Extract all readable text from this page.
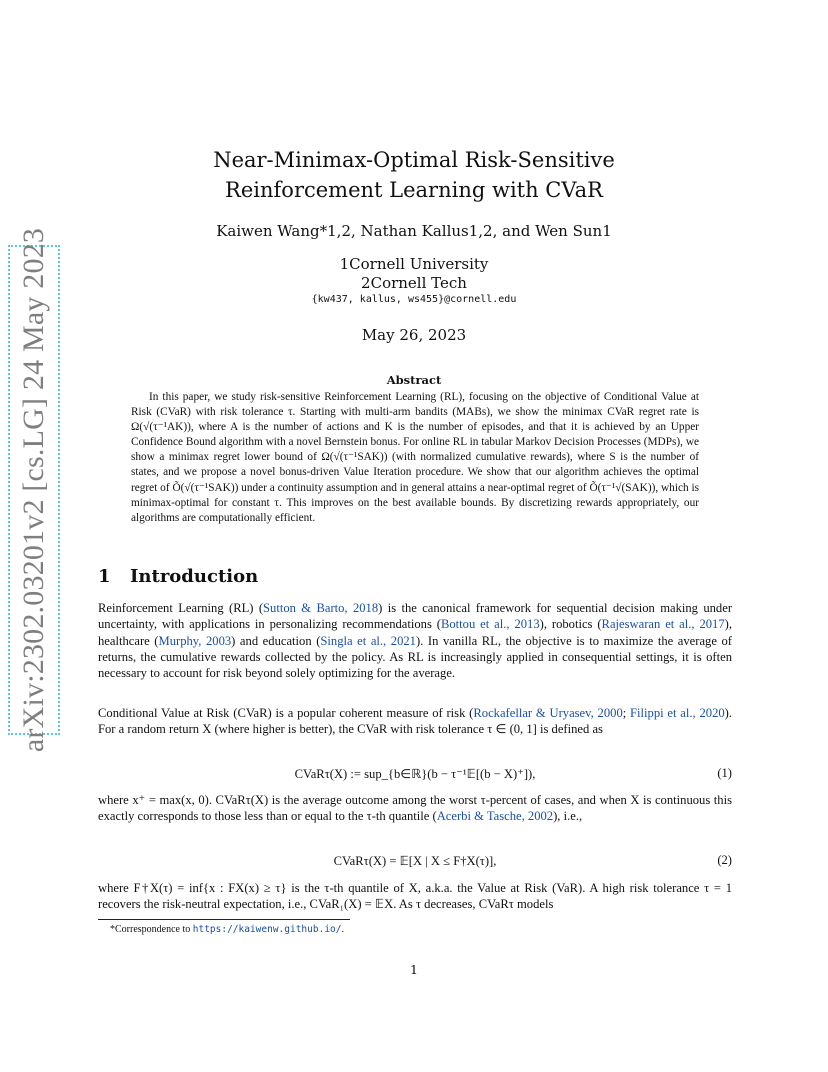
arXiv:2302.03201v2 [cs.LG] 24 May 2023
Near-Minimax-Optimal Risk-Sensitive
Reinforcement Learning with CVaR
Kaiwen Wang*1,2, Nathan Kallus1,2, and Wen Sun1
1Cornell University
2Cornell Tech
{kw437, kallus, ws455}@cornell.edu
May 26, 2023
Abstract

In this paper, we study risk-sensitive Reinforcement Learning (RL), focusing on the objective of Conditional Value at Risk (CVaR) with risk tolerance τ. Starting with multi-arm bandits (MABs), we show the minimax CVaR regret rate is Ω(√(τ⁻¹AK)), where A is the number of actions and K is the number of episodes, and that it is achieved by an Upper Confidence Bound algorithm with a novel Bernstein bonus. For online RL in tabular Markov Decision Processes (MDPs), we show a minimax regret lower bound of Ω(√(τ⁻¹SAK)) (with normalized cumulative rewards), where S is the number of states, and we propose a novel bonus-driven Value Iteration procedure. We show that our algorithm achieves the optimal regret of Õ(√(τ⁻¹SAK)) under a continuity assumption and in general attains a near-optimal regret of Õ(τ⁻¹√(SAK)), which is minimax-optimal for constant τ. This improves on the best available bounds. By discretizing rewards appropriately, our algorithms are computationally efficient.

1 Introduction

Reinforcement Learning (RL) (Sutton & Barto, 2018) is the canonical framework for sequential decision making under uncertainty, with applications in personalizing recommendations (Bottou et al., 2013), robotics (Rajeswaran et al., 2017), healthcare (Murphy, 2003) and education (Singla et al., 2021). In vanilla RL, the objective is to maximize the average of returns, the cumulative rewards collected by the policy. As RL is increasingly applied in consequential settings, it is often necessary to account for risk beyond solely optimizing for the average.

Conditional Value at Risk (CVaR) is a popular coherent measure of risk (Rockafellar & Uryasev, 2000; Filippi et al., 2020). For a random return X (where higher is better), the CVaR with risk tolerance τ ∈ (0, 1] is defined as

CVaRτ(X) := sup_{b∈ℝ}(b − τ⁻¹𝔼[(b − X)⁺]),	(1)

where x⁺ = max(x, 0). CVaRτ(X) is the average outcome among the worst τ-percent of cases, and when X is continuous this exactly corresponds to those less than or equal to the τ-th quantile (Acerbi & Tasche, 2002), i.e.,

CVaRτ(X) = 𝔼[X | X ≤ F†X(τ)],	(2)

where F†X(τ) = inf{x : FX(x) ≥ τ} is the τ-th quantile of X, a.k.a. the Value at Risk (VaR). A high risk tolerance τ = 1 recovers the risk-neutral expectation, i.e., CVaR₁(X) = 𝔼X. As τ decreases, CVaRτ models

*Correspondence to https://kaiwenw.github.io/.
1
